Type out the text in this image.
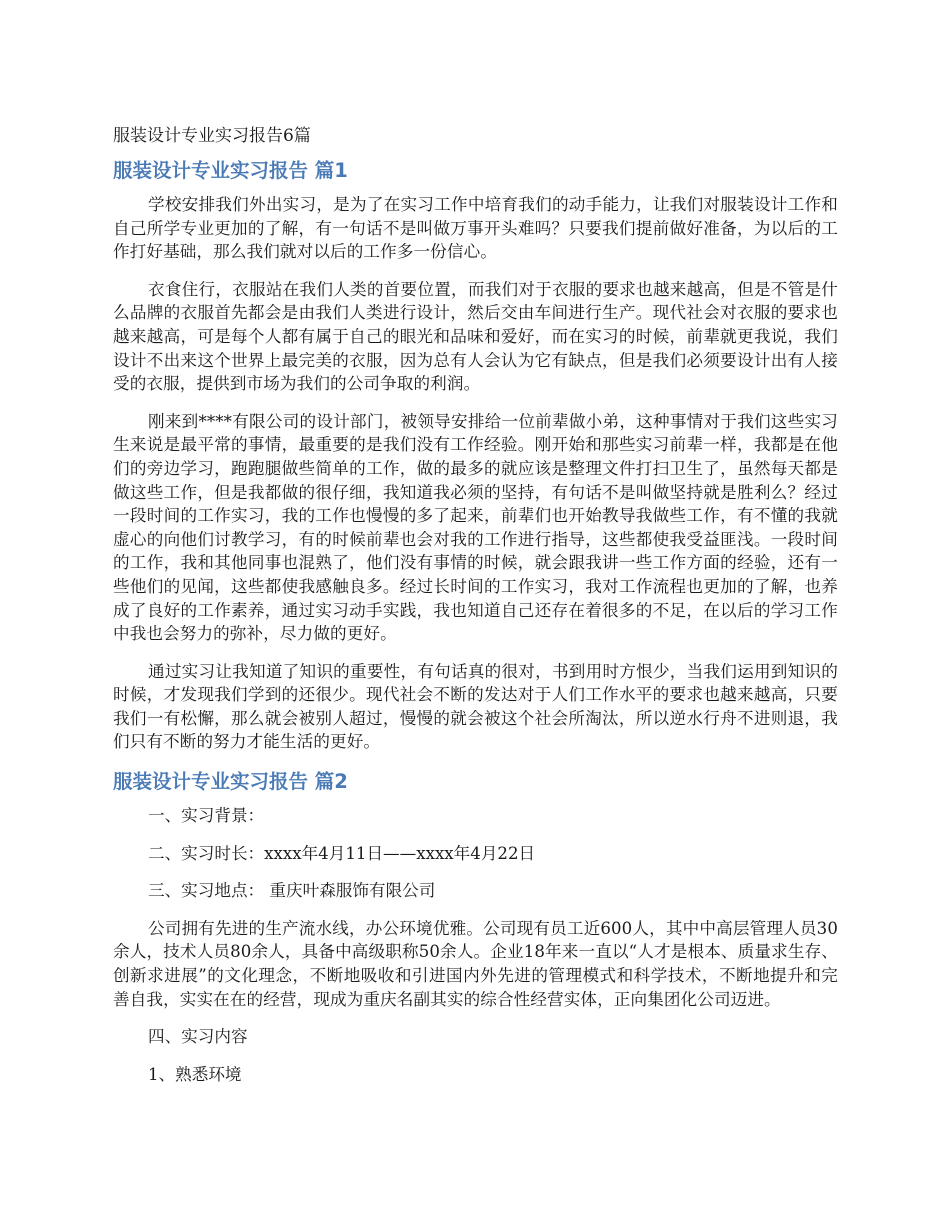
服装设计专业实习报告6篇
服装设计专业实习报告 篇1

学校安排我们外出实习，是为了在实习工作中培育我们的动手能力，让我们对服装设计工作和自己所学专业更加的了解，有一句话不是叫做万事开头难吗？只要我们提前做好准备，为以后的工作打好基础，那么我们就对以后的工作多一份信心。

衣食住行，衣服站在我们人类的首要位置，而我们对于衣服的要求也越来越高，但是不管是什么品牌的衣服首先都会是由我们人类进行设计，然后交由车间进行生产。现代社会对衣服的要求也越来越高，可是每个人都有属于自己的眼光和品味和爱好，而在实习的时候，前辈就更我说，我们设计不出来这个世界上最完美的衣服，因为总有人会认为它有缺点，但是我们必须要设计出有人接受的衣服，提供到市场为我们的公司争取的利润。

刚来到****有限公司的设计部门，被领导安排给一位前辈做小弟，这种事情对于我们这些实习生来说是最平常的事情，最重要的是我们没有工作经验。刚开始和那些实习前辈一样，我都是在他们的旁边学习，跑跑腿做些简单的工作，做的最多的就应该是整理文件打扫卫生了，虽然每天都是做这些工作，但是我都做的很仔细，我知道我必须的坚持，有句话不是叫做坚持就是胜利么？经过一段时间的工作实习，我的工作也慢慢的多了起来，前辈们也开始教导我做些工作，有不懂的我就虚心的向他们讨教学习，有的时候前辈也会对我的工作进行指导，这些都使我受益匪浅。一段时间的工作，我和其他同事也混熟了，他们没有事情的时候，就会跟我讲一些工作方面的经验，还有一些他们的见闻，这些都使我感触良多。经过长时间的工作实习，我对工作流程也更加的了解，也养成了良好的工作素养，通过实习动手实践，我也知道自己还存在着很多的不足，在以后的学习工作中我也会努力的弥补，尽力做的更好。

通过实习让我知道了知识的重要性，有句话真的很对，书到用时方恨少，当我们运用到知识的时候，才发现我们学到的还很少。现代社会不断的发达对于人们工作水平的要求也越来越高，只要我们一有松懈，那么就会被别人超过，慢慢的就会被这个社会所淘汰，所以逆水行舟不进则退，我们只有不断的努力才能生活的更好。

服装设计专业实习报告 篇2

一、实习背景：

二、实习时长：xxxx年4月11日——xxxx年4月22日

三、实习地点： 重庆叶森服饰有限公司

公司拥有先进的生产流水线，办公环境优雅。公司现有员工近600人，其中中高层管理人员30余人，技术人员80余人，具备中高级职称50余人。企业18年来一直以“人才是根本、质量求生存、创新求进展”的文化理念，不断地吸收和引进国内外先进的管理模式和科学技术，不断地提升和完善自我，实实在在的经营，现成为重庆名副其实的综合性经营实体，正向集团化公司迈进。

四、实习内容

1、熟悉环境
